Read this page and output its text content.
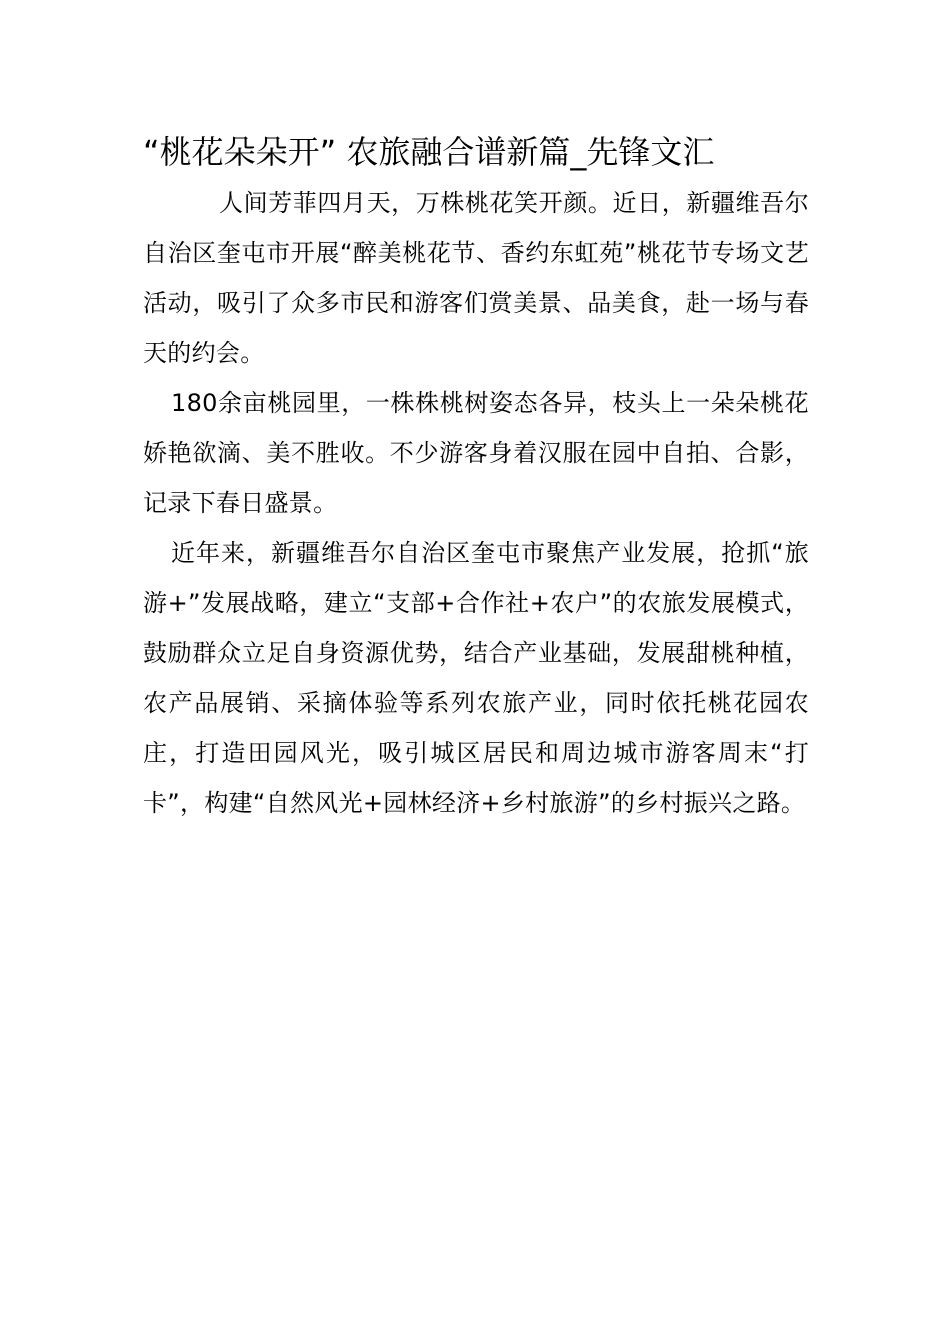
“桃花朵朵开” 农旅融合谱新篇_先锋文汇

人间芳菲四月天，万株桃花笑开颜。近日，新疆维吾尔自治区奎屯市开展“醉美桃花节、香约东虹苑”桃花节专场文艺活动，吸引了众多市民和游客们赏美景、品美食，赴一场与春天的约会。

180余亩桃园里，一株株桃树姿态各异，枝头上一朵朵桃花娇艳欲滴、美不胜收。不少游客身着汉服在园中自拍、合影，记录下春日盛景。

近年来，新疆维吾尔自治区奎屯市聚焦产业发展，抢抓“旅游+”发展战略，建立“支部+合作社+农户”的农旅发展模式，鼓励群众立足自身资源优势，结合产业基础，发展甜桃种植，农产品展销、采摘体验等系列农旅产业，同时依托桃花园农庄，打造田园风光，吸引城区居民和周边城市游客周末“打卡”，构建“自然风光+园林经济+乡村旅游”的乡村振兴之路。
